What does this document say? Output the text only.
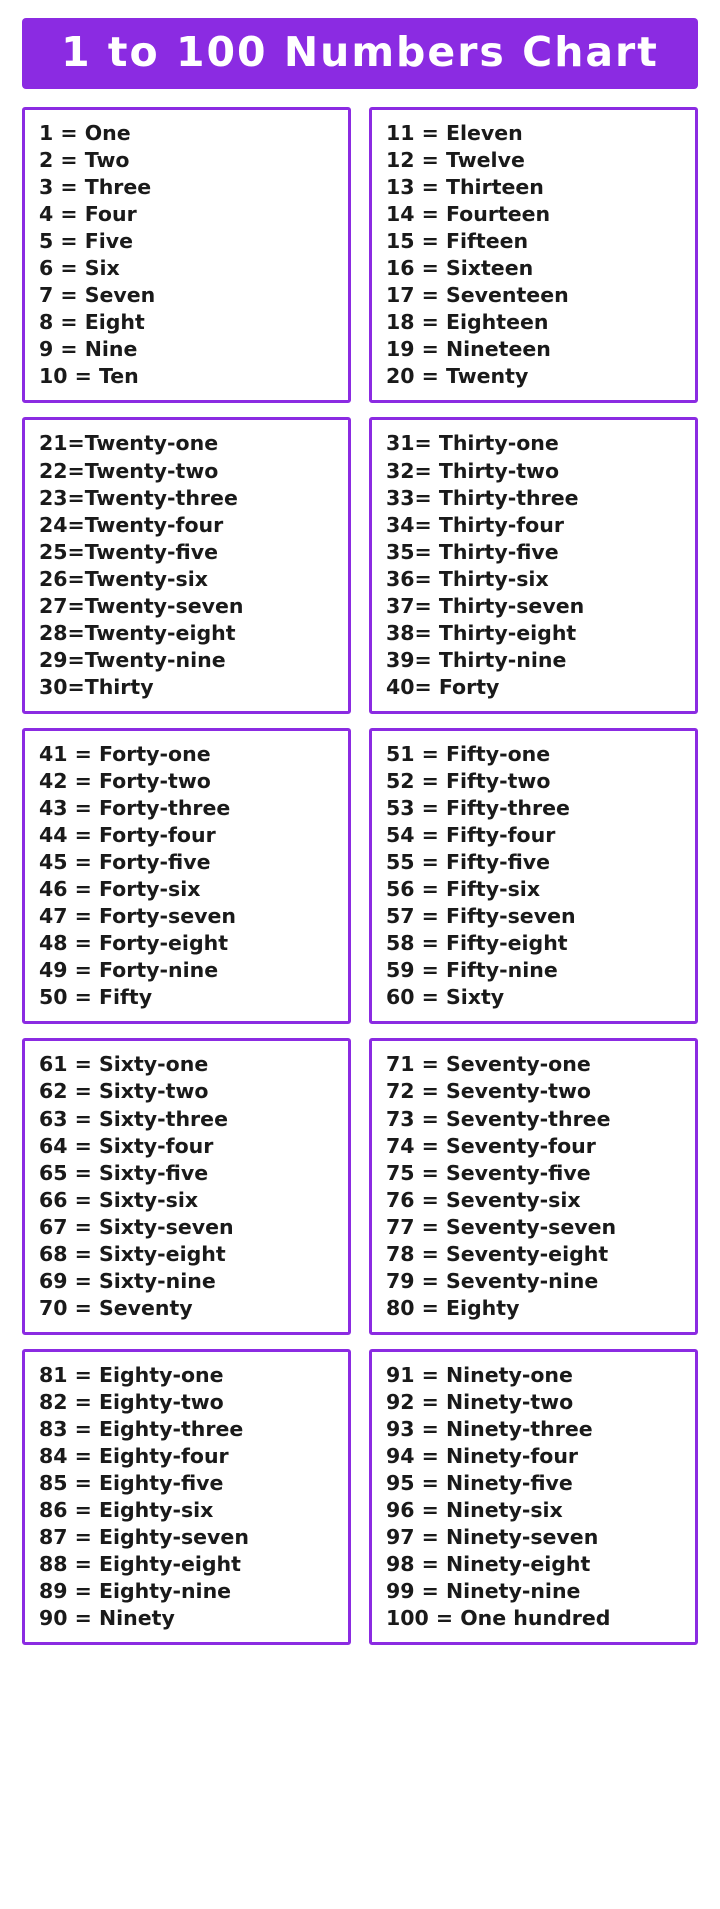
1 to 100 Numbers Chart
1 = One
2 = Two
3 = Three
4 = Four
5 = Five
6 = Six
7 = Seven
8 = Eight
9 = Nine
10 = Ten
11 = Eleven
12 = Twelve
13 = Thirteen
14 = Fourteen
15 = Fifteen
16 = Sixteen
17 = Seventeen
18 = Eighteen
19 = Nineteen
20 = Twenty
21=Twenty-one
22=Twenty-two
23=Twenty-three
24=Twenty-four
25=Twenty-five
26=Twenty-six
27=Twenty-seven
28=Twenty-eight
29=Twenty-nine
30=Thirty
31= Thirty-one
32= Thirty-two
33= Thirty-three
34= Thirty-four
35= Thirty-five
36= Thirty-six
37= Thirty-seven
38= Thirty-eight
39= Thirty-nine
40= Forty
41 = Forty-one
42 = Forty-two
43 = Forty-three
44 = Forty-four
45 = Forty-five
46 = Forty-six
47 = Forty-seven
48 = Forty-eight
49 = Forty-nine
50 = Fifty
51 = Fifty-one
52 = Fifty-two
53 = Fifty-three
54 = Fifty-four
55 = Fifty-five
56 = Fifty-six
57 = Fifty-seven
58 = Fifty-eight
59 = Fifty-nine
60 = Sixty
61 = Sixty-one
62 = Sixty-two
63 = Sixty-three
64 = Sixty-four
65 = Sixty-five
66 = Sixty-six
67 = Sixty-seven
68 = Sixty-eight
69 = Sixty-nine
70 = Seventy
71 = Seventy-one
72 = Seventy-two
73 = Seventy-three
74 = Seventy-four
75 = Seventy-five
76 = Seventy-six
77 = Seventy-seven
78 = Seventy-eight
79 = Seventy-nine
80 = Eighty
81 = Eighty-one
82 = Eighty-two
83 = Eighty-three
84 = Eighty-four
85 = Eighty-five
86 = Eighty-six
87 = Eighty-seven
88 = Eighty-eight
89 = Eighty-nine
90 = Ninety
91 = Ninety-one
92 = Ninety-two
93 = Ninety-three
94 = Ninety-four
95 = Ninety-five
96 = Ninety-six
97 = Ninety-seven
98 = Ninety-eight
99 = Ninety-nine
100 = One hundred
